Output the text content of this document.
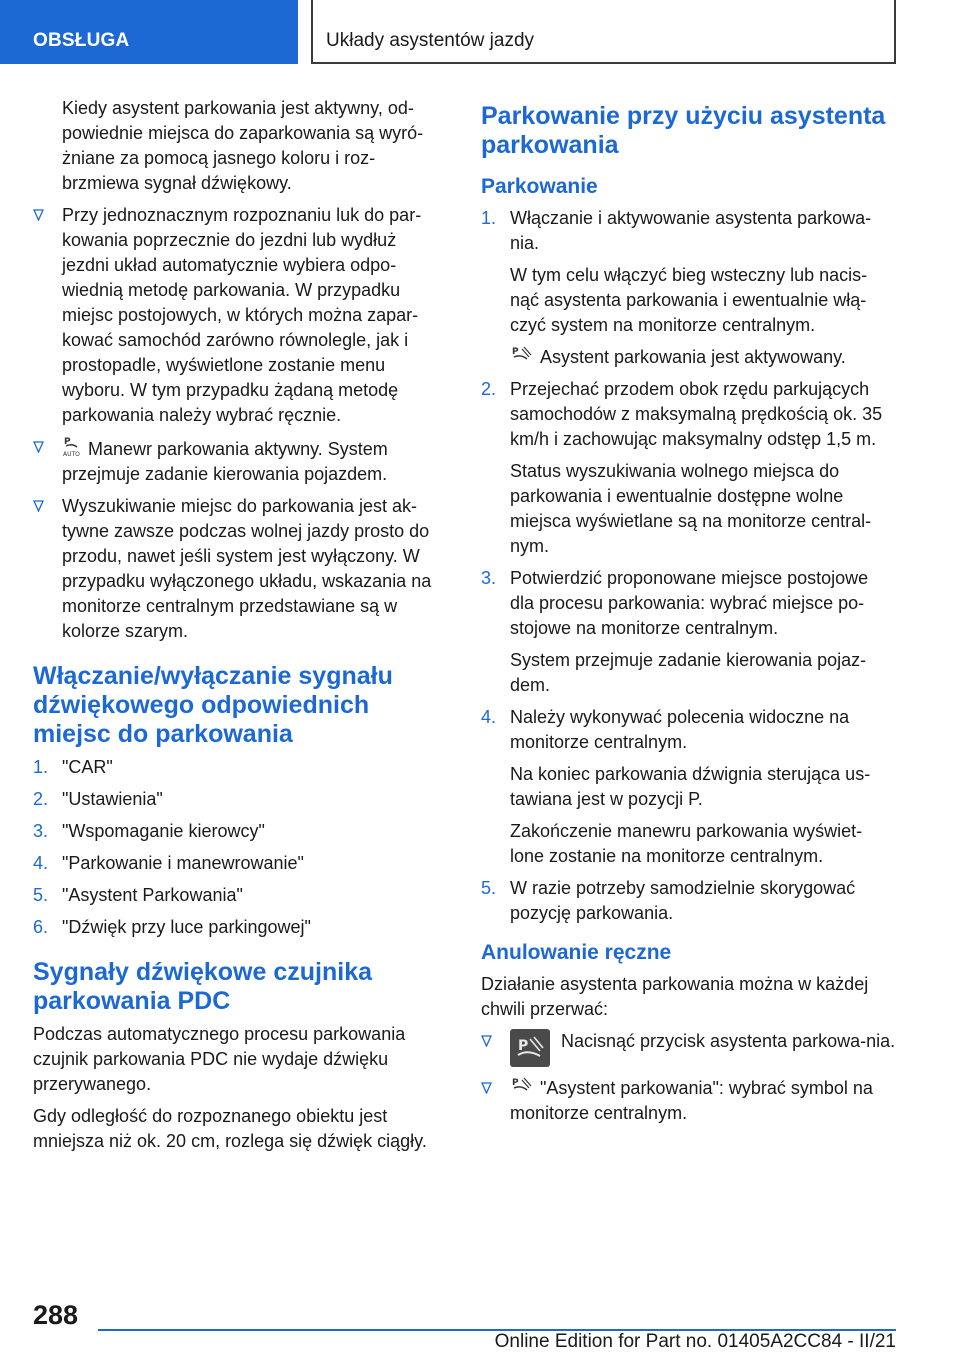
OBSŁUGA	Układy asystentów jazdy

Kiedy asystent parkowania jest aktywny, od-powiednie miejsca do zaparkowania są wyró-żniane za pomocą jasnego koloru i roz-brzmiewa sygnał dźwiękowy.

Przy jednoznacznym rozpoznaniu luk do par-kowania poprzecznie do jezdni lub wydłuż jezdni układ automatycznie wybiera odpo-wiednią metodę parkowania. W przypadku miejsc postojowych, w których można zapar-kować samochód zarówno równolegle, jak i prostopadle, wyświetlone zostanie menu wyboru. W tym przypadku żądaną metodę parkowania należy wybrać ręcznie.
P
AUTO Manewr parkowania aktywny. System przejmuje zadanie kierowania pojazdem.
Wyszukiwanie miejsc do parkowania jest ak-tywne zawsze podczas wolnej jazdy prosto do przodu, nawet jeśli system jest wyłączony. W przypadku wyłączonego układu, wskazania na monitorze centralnym przedstawiane są w kolorze szarym.
Włączanie/wyłączanie sygnału dźwiękowego odpowiednich miejsc do parkowania
1. "CAR"
2. "Ustawienia"
3. "Wspomaganie kierowcy"
4. "Parkowanie i manewrowanie"
5. "Asystent Parkowania"
6. "Dźwięk przy luce parkingowej"
Sygnały dźwiękowe czujnika parkowania PDC

Podczas automatycznego procesu parkowania czujnik parkowania PDC nie wydaje dźwięku przerywanego.

Gdy odległość do rozpoznanego obiektu jest mniejsza niż ok. 20 cm, rozlega się dźwięk ciągły.

Parkowanie przy użyciu asystenta parkowania
Parkowanie
1. Włączanie i aktywowanie asystenta parkowa-nia.

W tym celu włączyć bieg wsteczny lub nacis-nąć asystenta parkowania i ewentualnie włą-czyć system na monitorze centralnym.

P Asystent parkowania jest aktywowany.

2. Przejechać przodem obok rzędu parkujących samochodów z maksymalną prędkością ok. 35 km/h i zachowując maksymalny odstęp 1,5 m.

Status wyszukiwania wolnego miejsca do parkowania i ewentualnie dostępne wolne miejsca wyświetlane są na monitorze central-nym.

3. Potwierdzić proponowane miejsce postojowe dla procesu parkowania: wybrać miejsce po-stojowe na monitorze centralnym.

System przejmuje zadanie kierowania pojaz-dem.

4. Należy wykonywać polecenia widoczne na monitorze centralnym.

Na koniec parkowania dźwignia sterująca us-tawiana jest w pozycji P.

Zakończenie manewru parkowania wyświet-lone zostanie na monitorze centralnym.

5. W razie potrzeby samodzielnie skorygować pozycję parkowania.

Anulowanie ręczne

Działanie asystenta parkowania można w każdej chwili przerwać:

P Nacisnąć przycisk asystenta parkowa-nia.
P "Asystent parkowania": wybrać symbol na monitorze centralnym.
288
Online Edition for Part no. 01405A2CC84 - II/21
